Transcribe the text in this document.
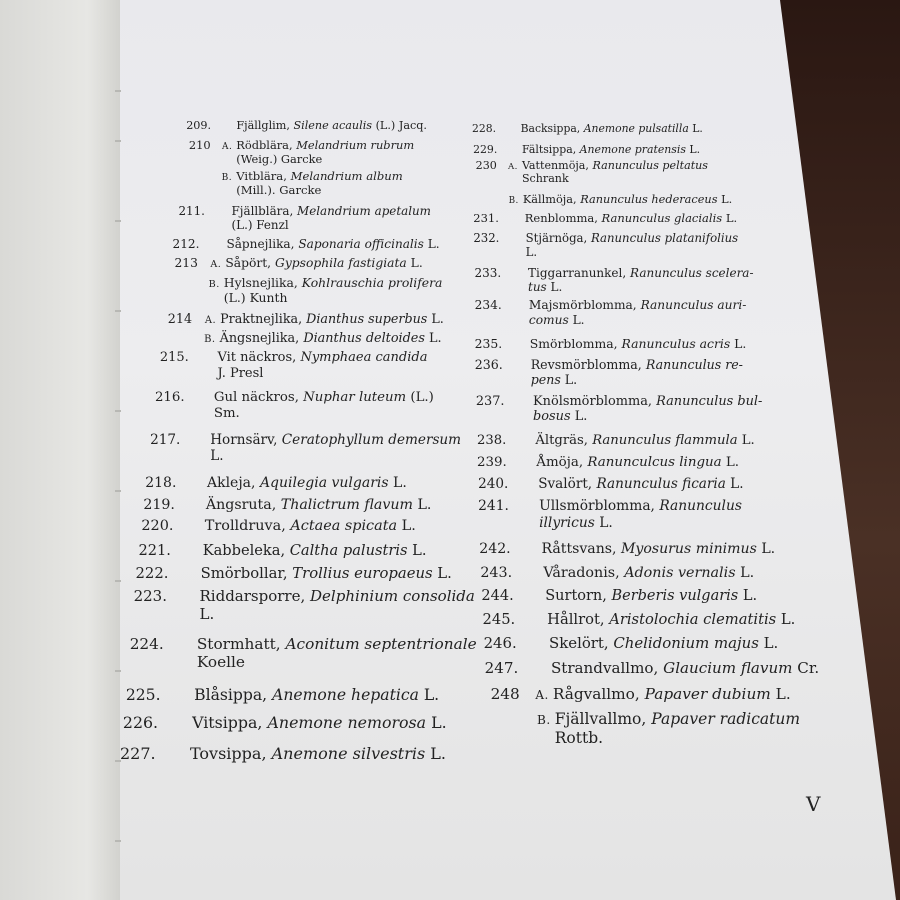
209. Fjällglim, Silene acaulis (L.) Jacq.
210 A. Rödblära, Melandrium rubrum
(Weig.) Garcke
B. Vitblära, Melandrium album
(Mill.). Garcke
211. Fjällblära, Melandrium apetalum
(L.) Fenzl
212. Såpnejlika, Saponaria officinalis L.
213 A. Såpört, Gypsophila fastigiata L.
B. Hylsnejlika, Kohlrauschia prolifera
(L.) Kunth
214 A. Praktnejlika, Dianthus superbus L.
B. Ängsnejlika, Dianthus deltoides L.
215. Vit näckros, Nymphaea candida
J. Presl
216. Gul näckros, Nuphar luteum (L.)
Sm.
217. Hornsärv, Ceratophyllum demersum
L.
218. Akleja, Aquilegia vulgaris L.
219. Ängsruta, Thalictrum flavum L.
220. Trolldruva, Actaea spicata L.
221. Kabbeleka, Caltha palustris L.
222. Smörbollar, Trollius europaeus L.
223. Riddarsporre, Delphinium consolida
L.
224. Stormhatt, Aconitum septentrionale
Koelle
225. Blåsippa, Anemone hepatica L.
226. Vitsippa, Anemone nemorosa L.
227. Tovsippa, Anemone silvestris L.
228. Backsippa, Anemone pulsatilla L.
229. Fältsippa, Anemone pratensis L.
230 A. Vattenmöja, Ranunculus peltatus
Schrank
B. Källmöja, Ranunculus hederaceus L.
231. Renblomma, Ranunculus glacialis L.
232. Stjärnöga, Ranunculus platanifolius
L.
233. Tiggarranunkel, Ranunculus scelera-
tus L.
234. Majsmörblomma, Ranunculus auri-
comus L.
235. Smörblomma, Ranunculus acris L.
236. Revsmörblomma, Ranunculus re-
pens L.
237. Knölsmörblomma, Ranunculus bul-
bosus L.
238. Ältgräs, Ranunculus flammula L.
239. Åmöja, Ranunculcus lingua L.
240. Svalört, Ranunculus ficaria L.
241. Ullsmörblomma, Ranunculus
illyricus L.
242. Råttsvans, Myosurus minimus L.
243. Våradonis, Adonis vernalis L.
244. Surtorn, Berberis vulgaris L.
245. Hållrot, Aristolochia clematitis L.
246. Skelört, Chelidonium majus L.
247. Strandvallmo, Glaucium flavum Cr.
248 A. Rågvallmo, Papaver dubium L.
B. Fjällvallmo, Papaver radicatum
Rottb.
V
